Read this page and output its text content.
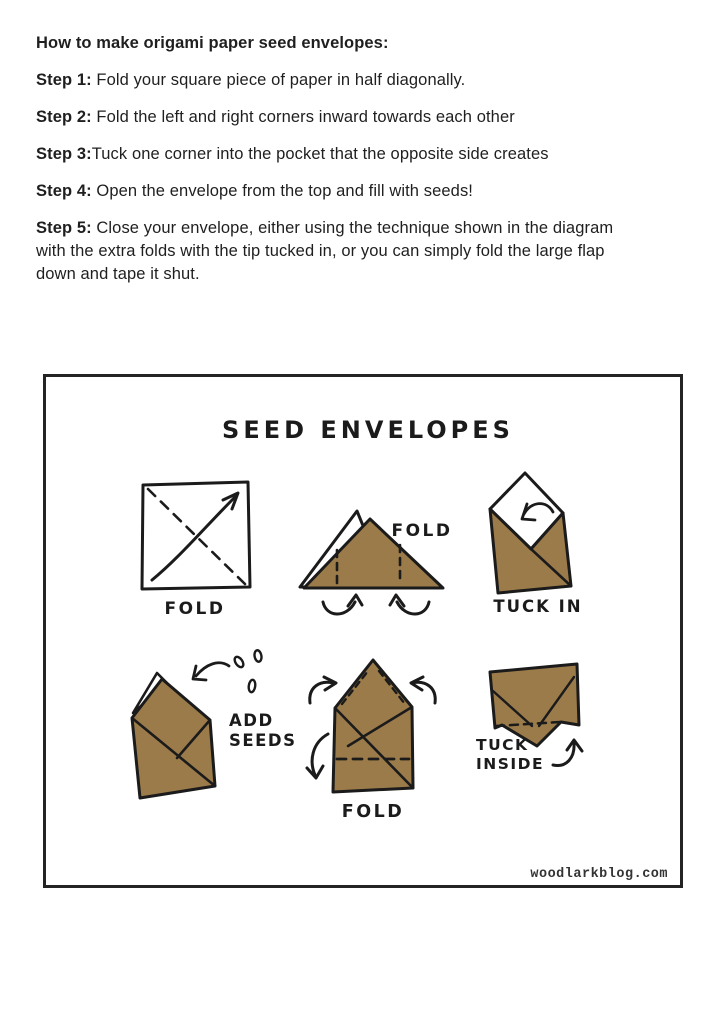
How to make origami paper seed envelopes:

Step 1: Fold your square piece of paper in half diagonally.

Step 2: Fold the left and right corners inward towards each other

Step 3:Tuck one corner into the pocket that the opposite side creates

Step 4: Open the envelope from the top and fill with seeds!

Step 5: Close your envelope, either using the technique shown in the diagram
with the extra folds with the tip tucked in, or you can simply fold the large flap
down and tape it shut.

SEED ENVELOPES
FOLD
FOLD
TUCK IN
ADD
SEEDS
FOLD
TUCK
INSIDE
woodlarkblog.com
